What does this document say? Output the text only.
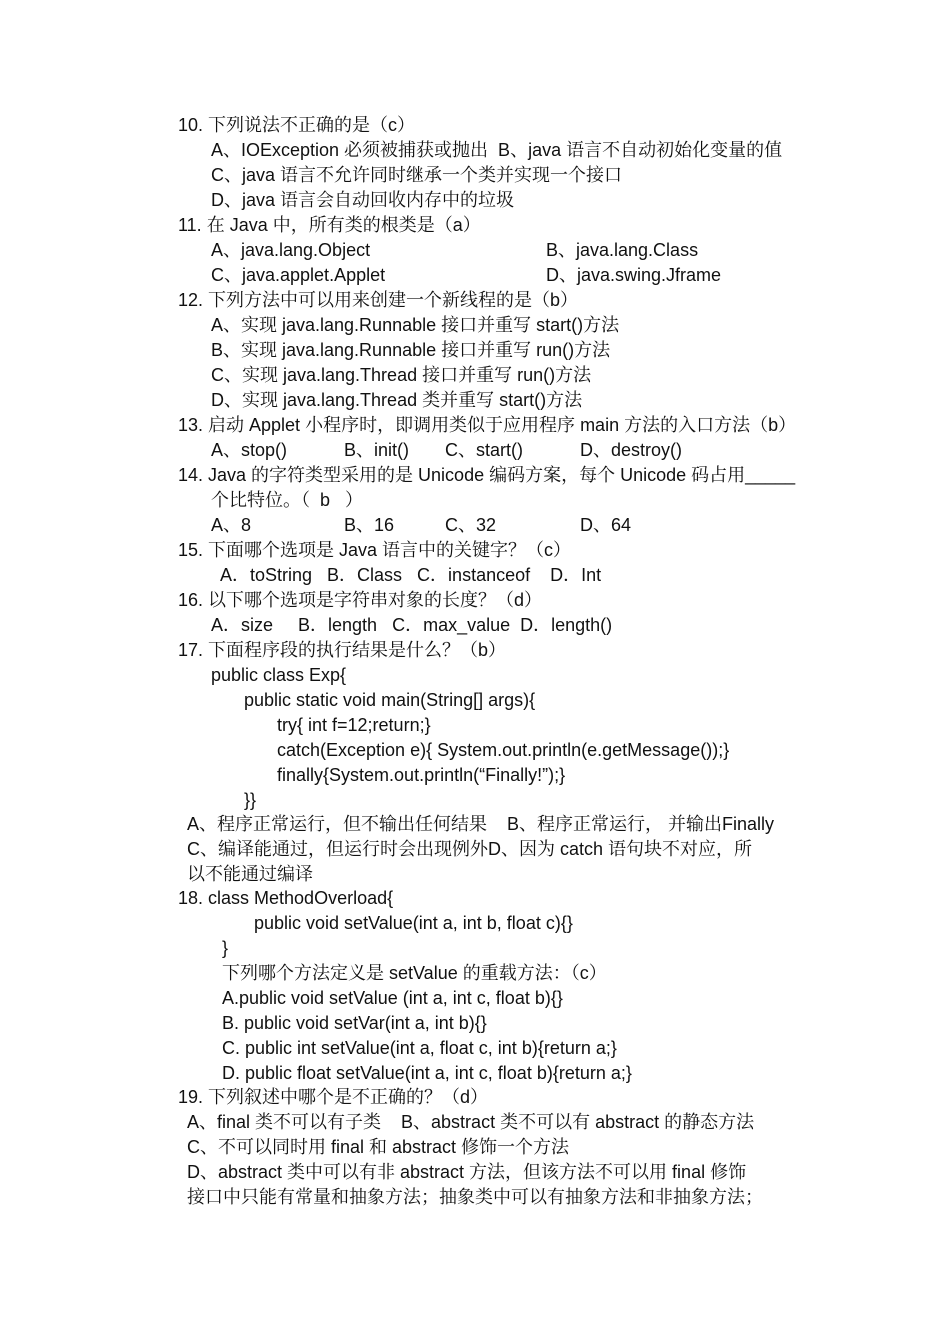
10. 下列说法不正确的是（c）
A、IOException 必须被捕获或抛出  B、java 语言不自动初始化变量的值
C、java 语言不允许同时继承一个类并实现一个接口
D、java 语言会自动回收内存中的垃圾
11. 在 Java 中，所有类的根类是（a）
A、java.lang.Object	B、java.lang.Class
C、java.applet.Applet	D、java.swing.Jframe
12. 下列方法中可以用来创建一个新线程的是（b）
A、实现 java.lang.Runnable 接口并重写 start()方法
B、实现 java.lang.Runnable 接口并重写 run()方法
C、实现 java.lang.Thread 接口并重写 run()方法
D、实现 java.lang.Thread 类并重写 start()方法
13. 启动 Applet 小程序时，即调用类似于应用程序 main 方法的入口方法（b）
A、stop()	B、init() C、start()	D、destroy()
14. Java 的字符类型采用的是 Unicode 编码方案，每个 Unicode 码占用_____
个比特位。（  b   ）
A、8	B、16	C、32	D、64
15. 下面哪个选项是 Java 语言中的关键字？（c）
A．toString   B．Class   C．instanceof    D．Int
16. 以下哪个选项是字符串对象的长度？（d）
A．size     B．length   C．max_value  D．length()
17. 下面程序段的执行结果是什么？（b）
public class Exp{
public static void main(String[] args){
try{ int f=12;return;}
catch(Exception e){ System.out.println(e.getMessage());}
finally{System.out.println(“Finally!”);}
}}
A、程序正常运行，但不输出任何结果    B、程序正常运行， 并输出Finally
C、编译能通过，但运行时会出现例外D、因为 catch 语句块不对应，所
以不能通过编译
18. class MethodOverload{
public void setValue(int a, int b, float c){}
}
下列哪个方法定义是 setValue 的重载方法：（c）
A.public void setValue (int a, int c, float b){}
B. public void setVar(int a, int b){}
C. public int setValue(int a, float c, int b){return a;}
D. public float setValue(int a, int c, float b){return a;}
19. 下列叙述中哪个是不正确的？（d）
A、final 类不可以有子类    B、abstract 类不可以有 abstract 的静态方法
C、不可以同时用 final 和 abstract 修饰一个方法
D、abstract 类中可以有非 abstract 方法，但该方法不可以用 final 修饰
接口中只能有常量和抽象方法；抽象类中可以有抽象方法和非抽象方法；
